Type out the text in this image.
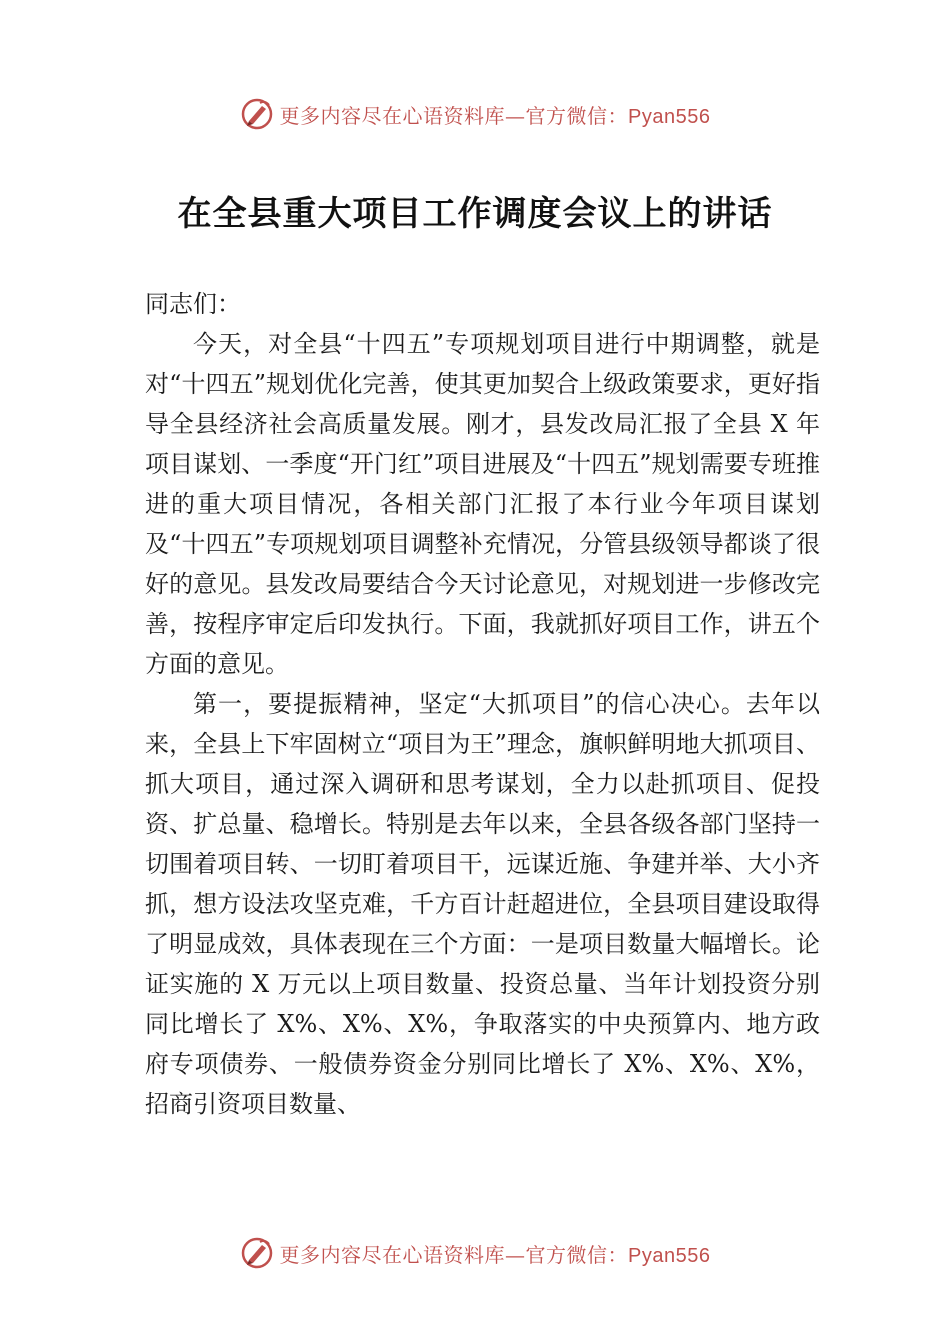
更多内容尽在心语资料库—官方微信：Pyan556
在全县重大项目工作调度会议上的讲话

同志们：

今天，对全县“十四五”专项规划项目进行中期调整，就是对“十四五”规划优化完善，使其更加契合上级政策要求，更好指导全县经济社会高质量发展。刚才，县发改局汇报了全县 X 年项目谋划、一季度“开门红”项目进展及“十四五”规划需要专班推进的重大项目情况，各相关部门汇报了本行业今年项目谋划及“十四五”专项规划项目调整补充情况，分管县级领导都谈了很好的意见。县发改局要结合今天讨论意见，对规划进一步修改完善，按程序审定后印发执行。下面，我就抓好项目工作，讲五个方面的意见。

第一，要提振精神，坚定“大抓项目”的信心决心。去年以来，全县上下牢固树立“项目为王”理念，旗帜鲜明地大抓项目、抓大项目，通过深入调研和思考谋划，全力以赴抓项目、促投资、扩总量、稳增长。特别是去年以来，全县各级各部门坚持一切围着项目转、一切盯着项目干，远谋近施、争建并举、大小齐抓，想方设法攻坚克难，千方百计赶超进位，全县项目建设取得了明显成效，具体表现在三个方面：一是项目数量大幅增长。论证实施的 X 万元以上项目数量、投资总量、当年计划投资分别同比增长了 X%、X%、X%，争取落实的中央预算内、地方政府专项债券、一般债券资金分别同比增长了 X%、X%、X%，招商引资项目数量、

更多内容尽在心语资料库—官方微信：Pyan556
